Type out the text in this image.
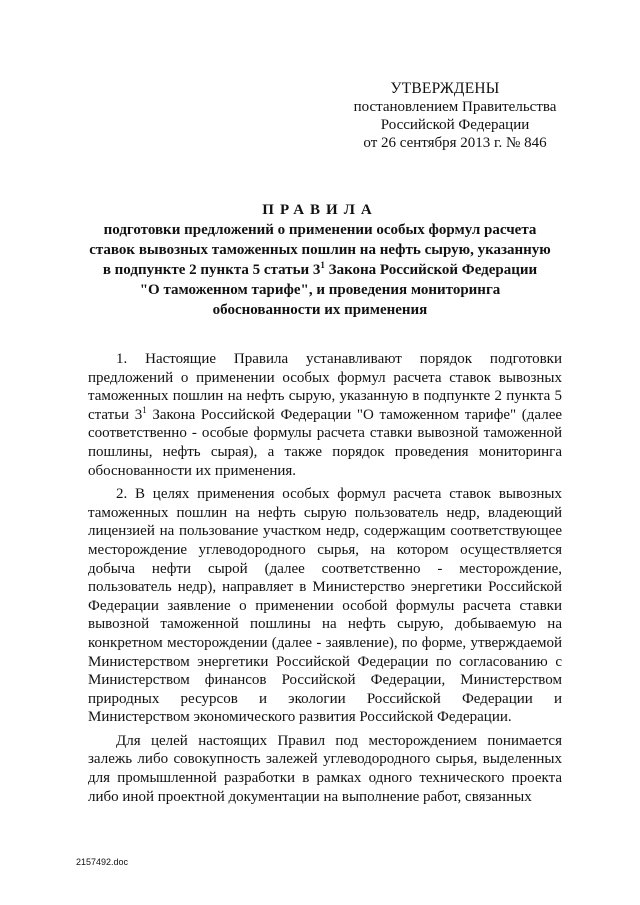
УТВЕРЖДЕНЫ
постановлением Правительства
Российской Федерации
от 26 сентября 2013 г. № 846
ПРАВИЛА
подготовки предложений о применении особых формул расчета
ставок вывозных таможенных пошлин на нефть сырую, указанную
в подпункте 2 пункта 5 статьи $3^1$ Закона Российской Федерации
"О таможенном тарифе", и проведения мониторинга
обоснованности их применения

1. Настоящие Правила устанавливают порядок подготовки предложений о применении особых формул расчета ставок вывозных таможенных пошлин на нефть сырую, указанную в подпункте 2 пункта 5 статьи $3^1$ Закона Российской Федерации "О таможенном тарифе" (далее соответственно - особые формулы расчета ставки вывозной таможенной пошлины, нефть сырая), а также порядок проведения мониторинга обоснованности их применения.

2. В целях применения особых формул расчета ставок вывозных таможенных пошлин на нефть сырую пользователь недр, владеющий лицензией на пользование участком недр, содержащим соответствующее месторождение углеводородного сырья, на котором осуществляется добыча нефти сырой (далее соответственно - месторождение, пользователь недр), направляет в Министерство энергетики Российской Федерации заявление о применении особой формулы расчета ставки вывозной таможенной пошлины на нефть сырую, добываемую на конкретном месторождении (далее - заявление), по форме, утверждаемой Министерством энергетики Российской Федерации по согласованию с Министерством финансов Российской Федерации, Министерством природных ресурсов и экологии Российской Федерации и Министерством экономического развития Российской Федерации.

Для целей настоящих Правил под месторождением понимается залежь либо совокупность залежей углеводородного сырья, выделенных для промышленной разработки в рамках одного технического проекта либо иной проектной документации на выполнение работ, связанных

2157492.doc
